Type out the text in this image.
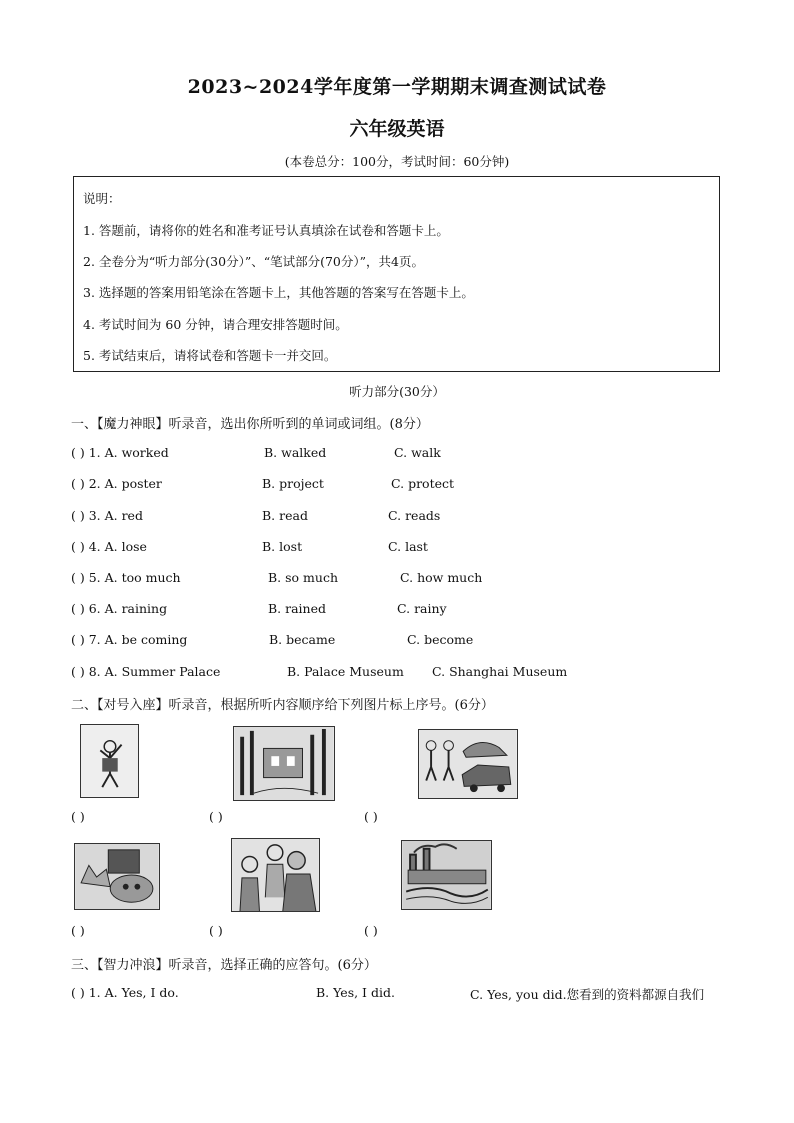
2023~2024学年度第一学期期末调查测试试卷
六年级英语
(本卷总分：100分，考试时间：60分钟)
说明：
1. 答题前，请将你的姓名和准考证号认真填涂在试卷和答题卡上。
2. 全卷分为“听力部分(30分）”、“笔试部分(70分）”，共4页。
3. 选择题的答案用铅笔涂在答题卡上，其他答题的答案写在答题卡上。
4. 考试时间为 60 分钟，请合理安排答题时间。
5. 考试结束后，请将试卷和答题卡一并交回。
听力部分(30分）
一、【魔力神眼】听录音，选出你所听到的单词或词组。(8分）
( ) 1. A. worked	B. walked	C. walk
( ) 2. A. poster	B. project	C. protect
( ) 3. A. red	B. read	C. reads
( ) 4. A. lose	B. lost	C. last
( ) 5. A. too much	B. so much	C. how much
( ) 6. A. raining	B. rained	C. rainy
( ) 7. A. be coming	B. became	C. become
( ) 8. A. Summer Palace	B. Palace Museum C. Shanghai Museum
二、【对号入座】听录音，根据所听内容顺序给下列图片标上序号。(6分）
( )	( )	( )
( )	( )	( )
三、【智力冲浪】听录音，选择正确的应答句。(6分）
( ) 1. A. Yes, I do.	B. Yes, I did.	C. Yes, you did.您看到的资料都源自我们
